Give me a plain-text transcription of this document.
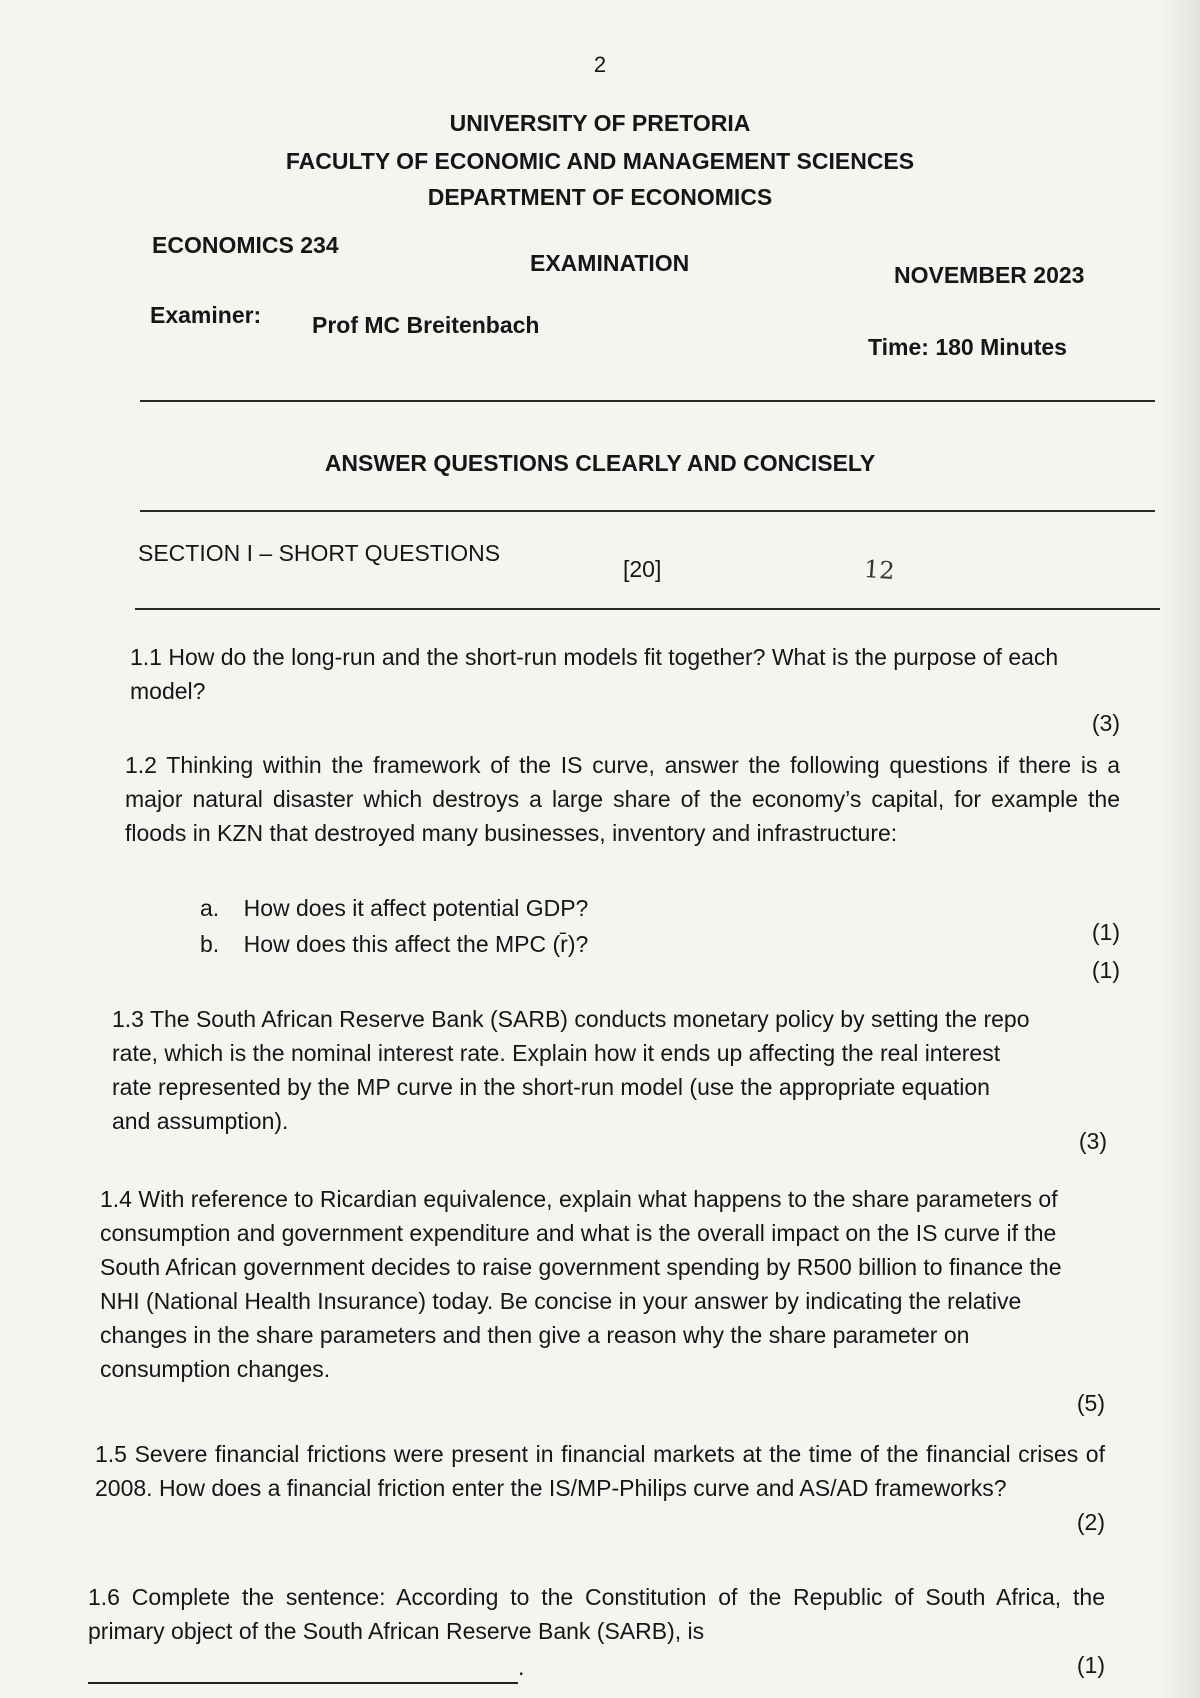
2
UNIVERSITY OF PRETORIA
FACULTY OF ECONOMIC AND MANAGEMENT SCIENCES
DEPARTMENT OF ECONOMICS
ECONOMICS 234
EXAMINATION	NOVEMBER 2023
Examiner: Prof MC Breitenbach
Time: 180 Minutes
ANSWER QUESTIONS CLEARLY AND CONCISELY
SECTION I – SHORT QUESTIONS
[20]	12
1.1 How do the long-run and the short-run models fit together? What is the purpose of each model?
(3)
1.2 Thinking within the framework of the IS curve, answer the following questions if there is a major natural disaster which destroys a large share of the economy’s capital, for example the floods in KZN that destroyed many businesses, inventory and infrastructure:
a. How does it affect potential GDP?
(1)
b. How does this affect the MPC (r̄)?
(1)
1.3 The South African Reserve Bank (SARB) conducts monetary policy by setting the repo rate, which is the nominal interest rate. Explain how it ends up affecting the real interest rate represented by the MP curve in the short-run model (use the appropriate equation and assumption).
(3)
1.4 With reference to Ricardian equivalence, explain what happens to the share parameters of consumption and government expenditure and what is the overall impact on the IS curve if the South African government decides to raise government spending by R500 billion to finance the NHI (National Health Insurance) today. Be concise in your answer by indicating the relative changes in the share parameters and then give a reason why the share parameter on consumption changes.
(5)
1.5 Severe financial frictions were present in financial markets at the time of the financial crises of 2008. How does a financial friction enter the IS/MP-Philips curve and AS/AD frameworks?
(2)
1.6 Complete the sentence: According to the Constitution of the Republic of South Africa, the primary object of the South African Reserve Bank (SARB), is
.	(1)
